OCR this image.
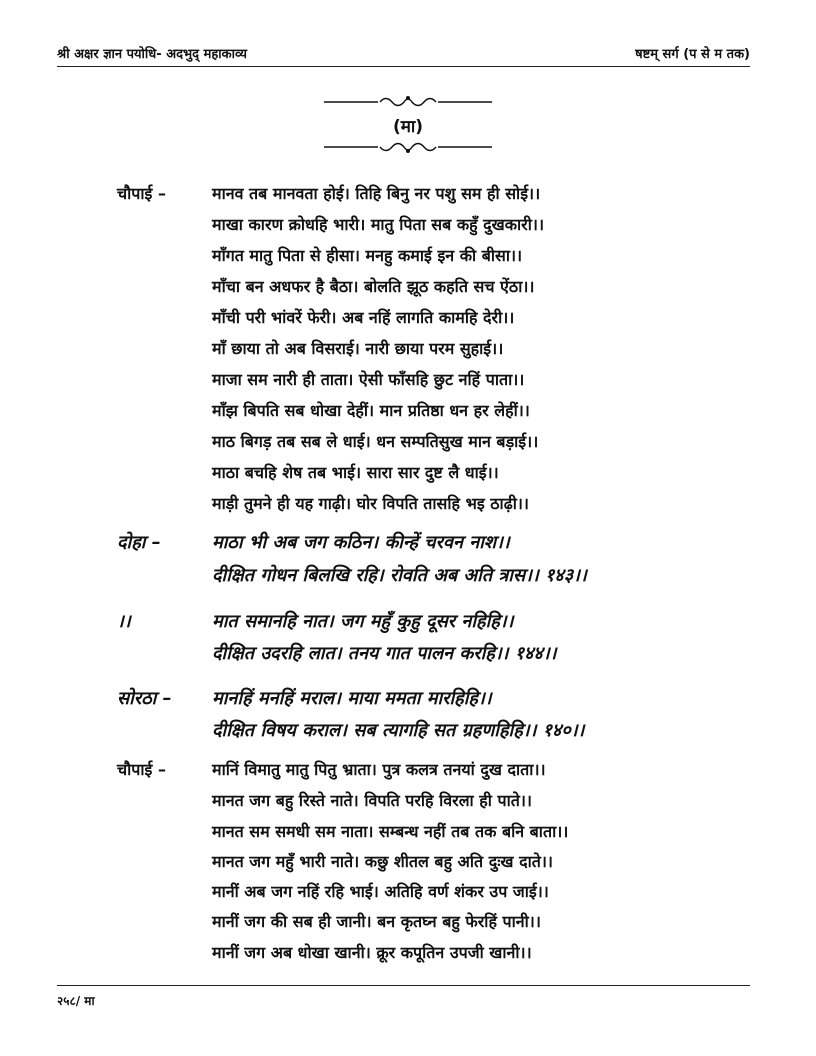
श्री अक्षर ज्ञान पयोधि- अदभुद् महाकाव्य	षष्टम् सर्ग (प से म तक)
(मा)
चौपाई –	मानव तब मानवता होई। तिहि बिनु नर पशु सम ही सोई।।
माखा कारण क्रोधहि भारी। मातु पिता सब कहुँ दुखकारी।।
माँगत मातु पिता से हीसा। मनहु कमाई इन की बीसा।।
माँचा बन अधफर है बैठा। बोलति झूठ कहति सच ऐंठा।।
माँची परी भांवरें फेरी। अब नहिं लागति कामहि देरी।।
माँ छाया तो अब विसराई। नारी छाया परम सुहाई।।
माजा सम नारी ही ताता। ऐसी फाँसहि छुट नहिं पाता।।
माँझ बिपति सब धोखा देहीं। मान प्रतिष्ठा धन हर लेहीं।।
माठ बिगड़ तब सब ले धाई। धन सम्पतिसुख मान बड़ाई।।
माठा बचहि शेष तब भाई। सारा सार दुष्ट लै धाई।।
माड़ी तुमने ही यह गाढ़ी। घोर विपति तासहि भइ ठाढ़ी।।
दोहा –	माठा भी अब जग कठिन। कीन्हें चरवन नाश।।
दीक्षित गोधन बिलखि रहि। रोवति अब अति त्रास।। १४३।।
।।	मात समानहि नात। जग महुँ कुहु दूसर नहिहि।।
दीक्षित उदरहि लात। तनय गात पालन करहि।। १४४।।
सोरठा – मानहिं मनहिं मराल। माया ममता मारहिहि।।
दीक्षित विषय कराल। सब त्यागहि सत ग्रहणहिहि।। १४०।।
चौपाई –	मानिं विमातु मातु पितु भ्राता। पुत्र कलत्र तनयां दुख दाता।।
मानत जग बहु रिस्ते नाते। विपति परहि विरला ही पाते।।
मानत सम समधी सम नाता। सम्बन्ध नहीं तब तक बनि बाता।।
मानत जग महुँ भारी नाते। कछु शीतल बहु अति दुःख दाते।।
मानीं अब जग नहिं रहि भाई। अतिहि वर्ण शंकर उप जाई।।
मानीं जग की सब ही जानी। बन कृतघ्न बहु फेरहिं पानी।।
मानीं जग अब धोखा खानी। क्रूर कपूतिन उपजी खानी।।
२५८/ मा
